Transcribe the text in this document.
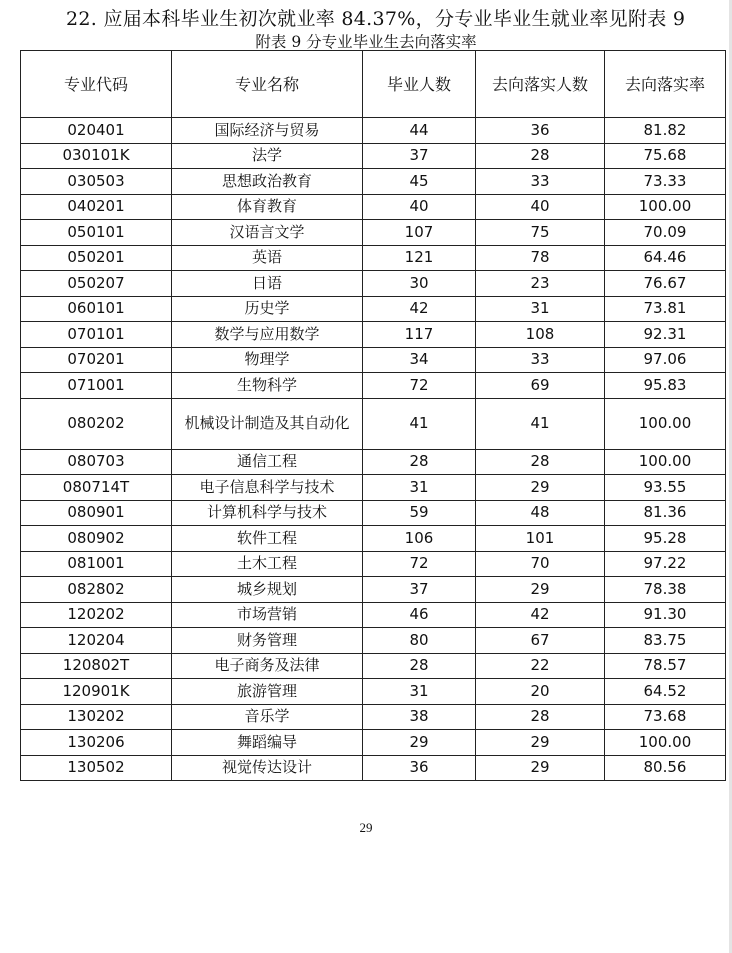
22. 应届本科毕业生初次就业率 84.37%，分专业毕业生就业率见附表 9
附表 9 分专业毕业生去向落实率
专业代码	专业名称	毕业人数	去向落实人数	去向落实率
020401	国际经济与贸易	44	36	81.82
030101K	法学	37	28	75.68
030503	思想政治教育	45	33	73.33
040201	体育教育	40	40	100.00
050101	汉语言文学	107	75	70.09
050201	英语	121	78	64.46
050207	日语	30	23	76.67
060101	历史学	42	31	73.81
070101	数学与应用数学	117	108	92.31
070201	物理学	34	33	97.06
071001	生物科学	72	69	95.83
080202	机械设计制造及其自动化	41	41	100.00
080703	通信工程	28	28	100.00
080714T	电子信息科学与技术	31	29	93.55
080901	计算机科学与技术	59	48	81.36
080902	软件工程	106	101	95.28
081001	土木工程	72	70	97.22
082802	城乡规划	37	29	78.38
120202	市场营销	46	42	91.30
120204	财务管理	80	67	83.75
120802T	电子商务及法律	28	22	78.57
120901K	旅游管理	31	20	64.52
130202	音乐学	38	28	73.68
130206	舞蹈编导	29	29	100.00
130502	视觉传达设计	36	29	80.56
29
